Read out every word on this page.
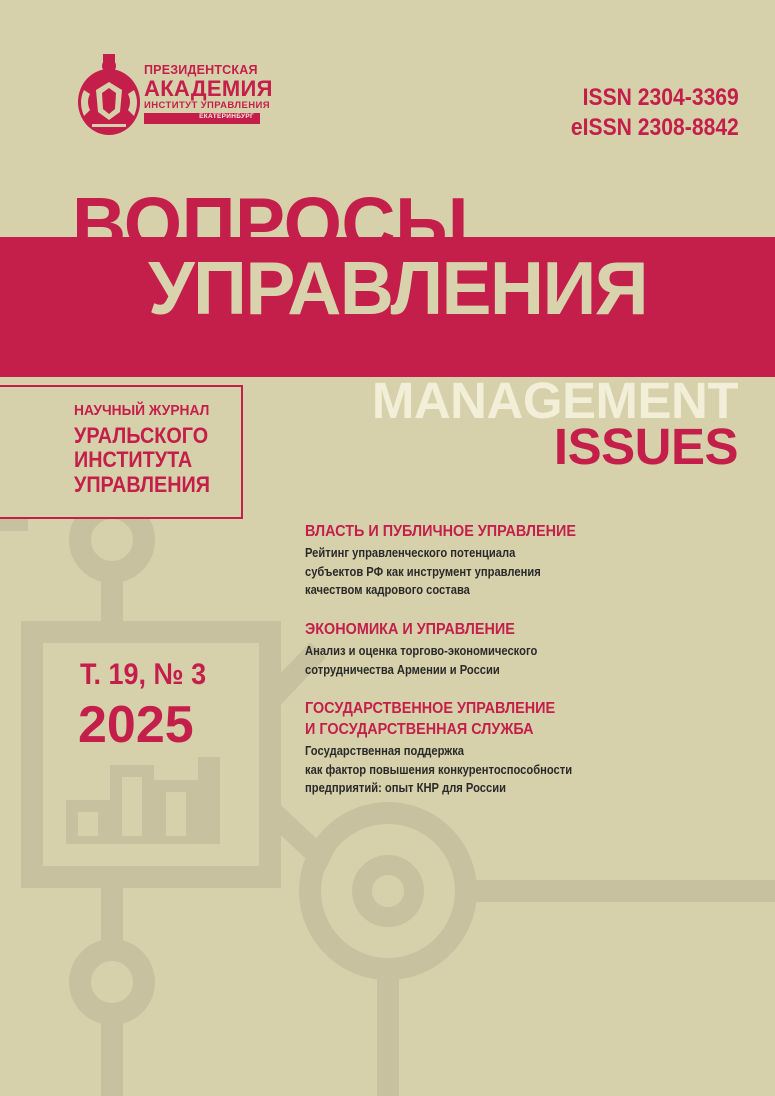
ПРЕЗИДЕНТСКАЯ
АКАДЕМИЯ
ИНСТИТУТ УПРАВЛЕНИЯ
ЕКАТЕРИНБУРГ
ISSN 2304-3369
eISSN 2308-8842
ВОПРОСЫ
УПРАВЛЕНИЯ
MANAGEMENT
ISSUES
НАУЧНЫЙ ЖУРНАЛ
УРАЛЬСКОГО
ИНСТИТУТА
УПРАВЛЕНИЯ
Т. 19, № 3
2025
ВЛАСТЬ И ПУБЛИЧНОЕ УПРАВЛЕНИЕ
Рейтинг управленческого потенциала
субъектов РФ как инструмент управления
качеством кадрового состава
ЭКОНОМИКА И УПРАВЛЕНИЕ
Анализ и оценка торгово-экономического
сотрудничества Армении и России
ГОСУДАРСТВЕННОЕ УПРАВЛЕНИЕ
И ГОСУДАРСТВЕННАЯ СЛУЖБА
Государственная поддержка
как фактор повышения конкурентоспособности
предприятий: опыт КНР для России
